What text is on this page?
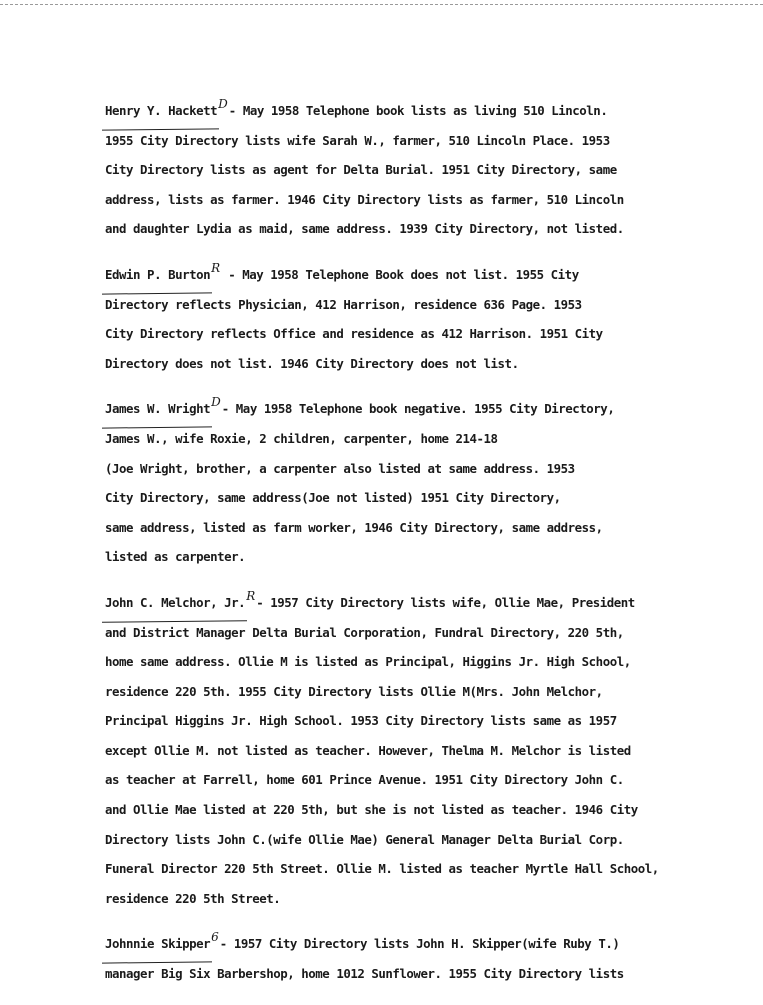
Henry Y. HackettD- May 1958 Telephone book lists as living 510 Lincoln.
1955 City Directory lists wife Sarah W., farmer, 510 Lincoln Place. 1953
City Directory lists as agent for Delta Burial. 1951 City Directory, same
address, lists as farmer. 1946 City Directory lists as farmer, 510 Lincoln
and daughter Lydia as maid, same address. 1939 City Directory, not listed.
Edwin P. BurtonR - May 1958 Telephone Book does not list. 1955 City
Directory reflects Physician, 412 Harrison, residence 636 Page. 1953
City Directory reflects Office and residence as 412 Harrison. 1951 City
Directory does not list. 1946 City Directory does not list.
James W. WrightD- May 1958 Telephone book negative. 1955 City Directory,
James W., wife Roxie, 2 children, carpenter, home 214-18
(Joe Wright, brother, a carpenter also listed at same address. 1953
City Directory, same address(Joe not listed) 1951 City Directory,
same address, listed as farm worker, 1946 City Directory, same address,
listed as carpenter.
John C. Melchor, Jr.R- 1957 City Directory lists wife, Ollie Mae, President
and District Manager Delta Burial Corporation, Fundral Directory, 220 5th,
home same address. Ollie M is listed as Principal, Higgins Jr. High School,
residence 220 5th. 1955 City Directory lists Ollie M(Mrs. John Melchor,
Principal Higgins Jr. High School. 1953 City Directory lists same as 1957
except Ollie M. not listed as teacher. However, Thelma M. Melchor is listed
as teacher at Farrell, home 601 Prince Avenue. 1951 City Directory John C.
and Ollie Mae listed at 220 5th, but she is not listed as teacher. 1946 City
Directory lists John C.(wife Ollie Mae) General Manager Delta Burial Corp.
Funeral Director 220 5th Street. Ollie M. listed as teacher Myrtle Hall School,
residence 220 5th Street.
Johnnie Skipper6- 1957 City Directory lists John H. Skipper(wife Ruby T.)
manager Big Six Barbershop, home 1012 Sunflower. 1955 City Directory lists
